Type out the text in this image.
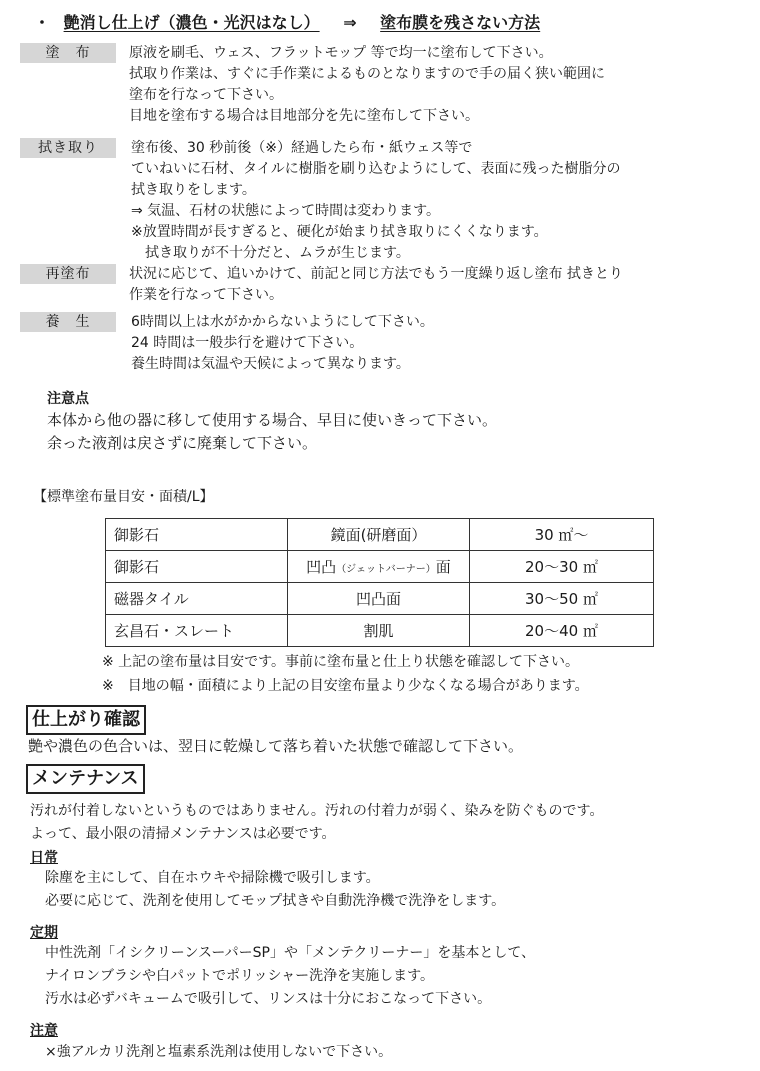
・ 艶消し仕上げ（濃色・光沢はなし） ⇒ 塗布膜を残さない方法
塗　布	原液を刷毛、ウェス、フラットモップ 等で均一に塗布して下さい。
拭取り作業は、すぐに手作業によるものとなりますので手の届く狭い範囲に
塗布を行なって下さい。
目地を塗布する場合は目地部分を先に塗布して下さい。
拭き取り	塗布後、30 秒前後（※）経過したら布・紙ウェス等で
ていねいに石材、タイルに樹脂を刷り込むようにして、表面に残った樹脂分の
拭き取りをします。
⇒ 気温、石材の状態によって時間は変わります。
※放置時間が長すぎると、硬化が始まり拭き取りにくくなります。
　拭き取りが不十分だと、ムラが生じます。
再塗布	状況に応じて、追いかけて、前記と同じ方法でもう一度繰り返し塗布 拭きとり
作業を行なって下さい。
養　生	6時間以上は水がかからないようにして下さい。
24 時間は一般歩行を避けて下さい。
養生時間は気温や天候によって異なります。
注意点
本体から他の器に移して使用する場合、早目に使いきって下さい。
余った液剤は戻さずに廃棄して下さい。
【標準塗布量目安・面積/L】
御影石	鏡面(研磨面）	30 ㎡～
御影石	凹凸（ジェットバーナー）面	20～30 ㎡
磁器タイル	凹凸面	30～50 ㎡
玄昌石・スレート	割肌	20～40 ㎡
※ 上記の塗布量は目安です。事前に塗布量と仕上り状態を確認して下さい。
※　目地の幅・面積により上記の目安塗布量より少なくなる場合があります。
仕上がり確認
艶や濃色の色合いは、翌日に乾燥して落ち着いた状態で確認して下さい。
メンテナンス
汚れが付着しないというものではありません。汚れの付着力が弱く、染みを防ぐものです。
よって、最小限の清掃メンテナンスは必要です。
日常
除塵を主にして、自在ホウキや掃除機で吸引します。
必要に応じて、洗剤を使用してモップ拭きや自動洗浄機で洗浄をします。
定期
中性洗剤「イシクリーンスーパーSP」や「メンテクリーナー」を基本として、
ナイロンブラシや白パットでポリッシャー洗浄を実施します。
汚水は必ずバキュームで吸引して、リンスは十分におこなって下さい。
注意
×強アルカリ洗剤と塩素系洗剤は使用しないで下さい。
